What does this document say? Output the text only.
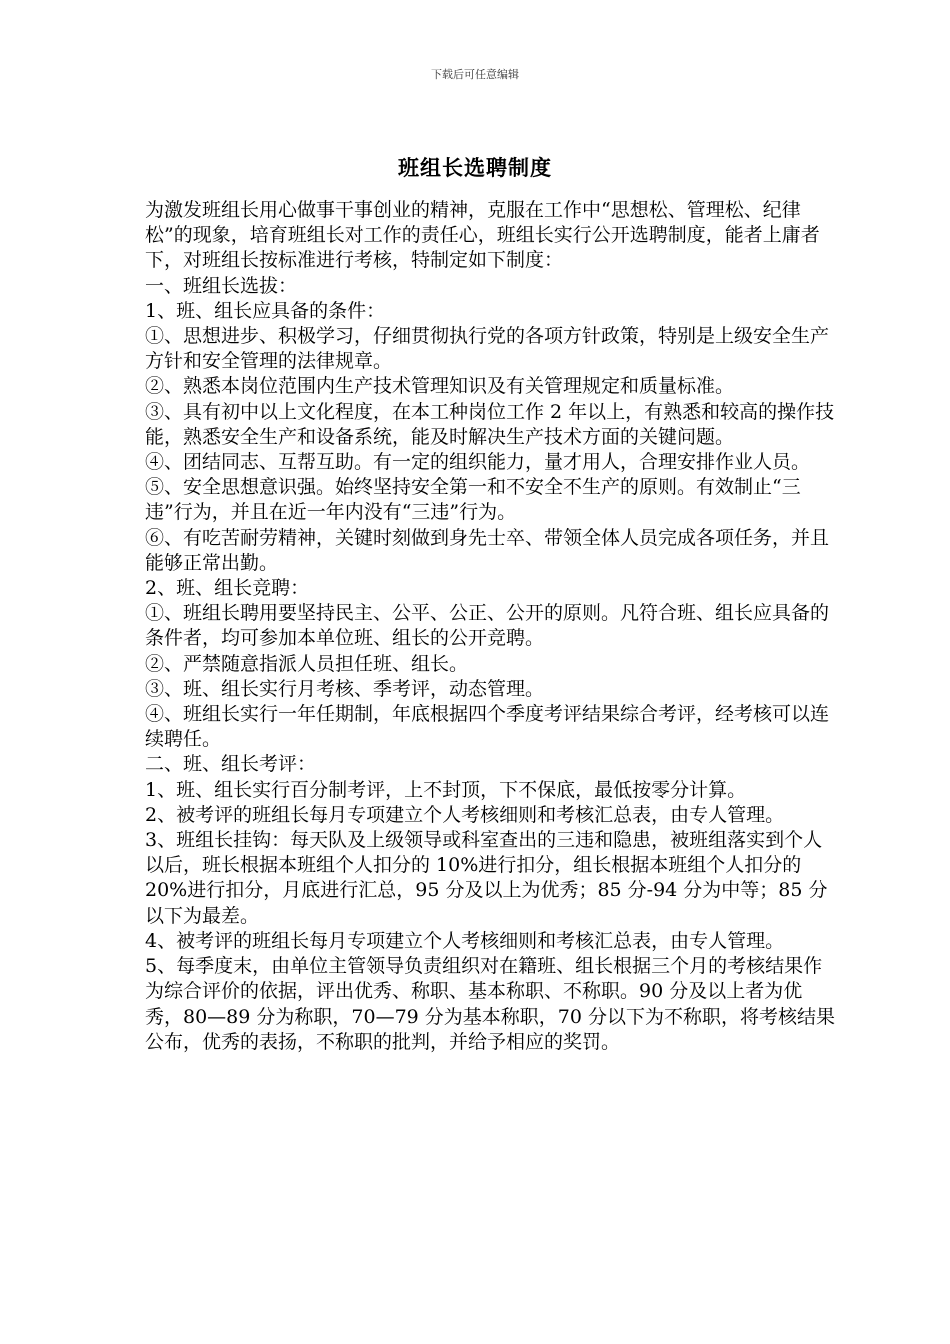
下载后可任意编辑
班组长选聘制度

为激发班组长用心做事干事创业的精神，克服在工作中“思想松、管理松、纪律松”的现象，培育班组长对工作的责任心，班组长实行公开选聘制度，能者上庸者下，对班组长按标准进行考核，特制定如下制度：

一、班组长选拔：

1、班、组长应具备的条件：

①、思想进步、积极学习，仔细贯彻执行党的各项方针政策，特别是上级安全生产方针和安全管理的法律规章。

②、熟悉本岗位范围内生产技术管理知识及有关管理规定和质量标准。

③、具有初中以上文化程度，在本工种岗位工作 2 年以上，有熟悉和较高的操作技能，熟悉安全生产和设备系统，能及时解决生产技术方面的关键问题。

④、团结同志、互帮互助。有一定的组织能力，量才用人，合理安排作业人员。

⑤、安全思想意识强。始终坚持安全第一和不安全不生产的原则。有效制止“三违”行为，并且在近一年内没有“三违”行为。

⑥、有吃苦耐劳精神，关键时刻做到身先士卒、带领全体人员完成各项任务，并且能够正常出勤。

2、班、组长竞聘：

①、班组长聘用要坚持民主、公平、公正、公开的原则。凡符合班、组长应具备的条件者，均可参加本单位班、组长的公开竞聘。

②、严禁随意指派人员担任班、组长。

③、班、组长实行月考核、季考评，动态管理。

④、班组长实行一年任期制，年底根据四个季度考评结果综合考评，经考核可以连续聘任。

二、班、组长考评：

1、班、组长实行百分制考评，上不封顶，下不保底，最低按零分计算。

2、被考评的班组长每月专项建立个人考核细则和考核汇总表，由专人管理。

3、班组长挂钩：每天队及上级领导或科室查出的三违和隐患，被班组落实到个人以后，班长根据本班组个人扣分的 10%进行扣分，组长根据本班组个人扣分的 20%进行扣分，月底进行汇总，95 分及以上为优秀；85 分-94 分为中等；85 分以下为最差。

4、被考评的班组长每月专项建立个人考核细则和考核汇总表，由专人管理。

5、每季度末，由单位主管领导负责组织对在籍班、组长根据三个月的考核结果作为综合评价的依据，评出优秀、称职、基本称职、不称职。90 分及以上者为优秀，80—89 分为称职，70—79 分为基本称职，70 分以下为不称职，将考核结果公布，优秀的表扬，不称职的批判，并给予相应的奖罚。
